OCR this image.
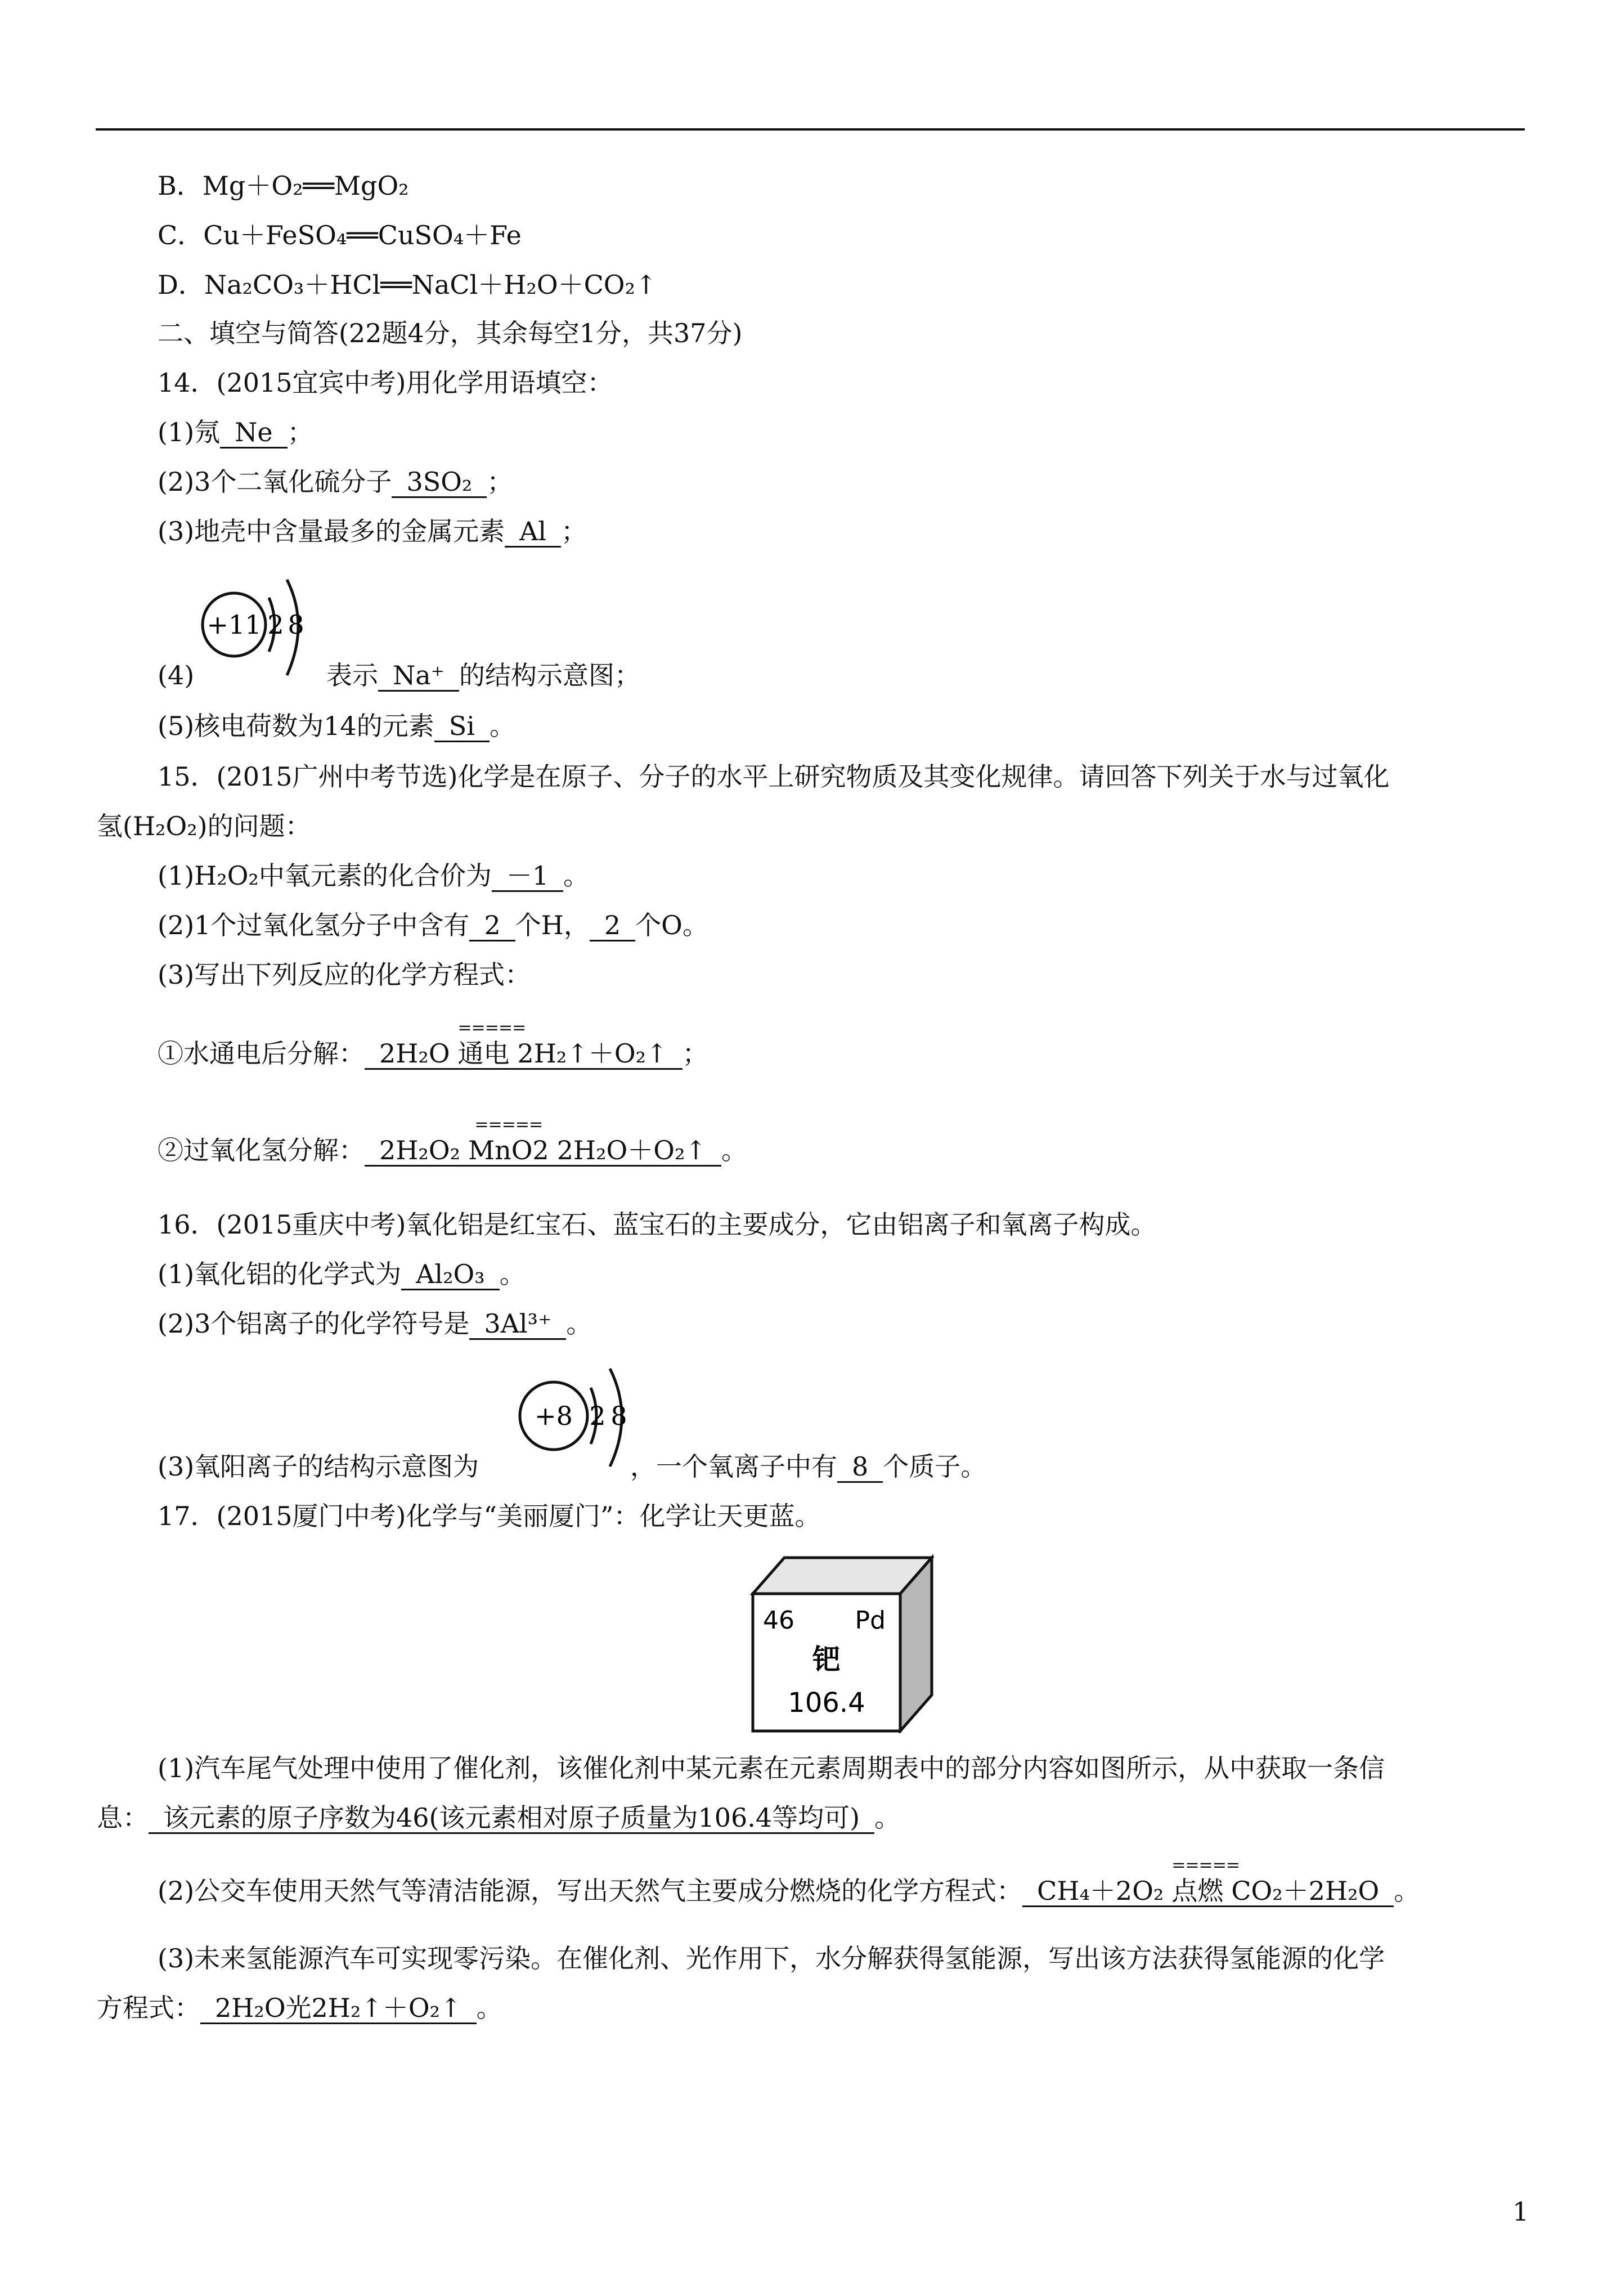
B．Mg＋O₂══MgO₂
C．Cu＋FeSO₄══CuSO₄＋Fe
D．Na₂CO₃＋HCl══NaCl＋H₂O＋CO₂↑
二、填空与简答(22题4分，其余每空1分，共37分)
14．(2015宜宾中考)用化学用语填空：
(1)氖 Ne ；
(2)3个二氧化硫分子 3SO₂ ；
(3)地壳中含量最多的金属元素 Al ；
+11 2 8
(4)	表示 Na⁺ 的结构示意图；
(5)核电荷数为14的元素 Si 。
15．(2015广州中考节选)化学是在原子、分子的水平上研究物质及其变化规律。请回答下列关于水与过氧化
氢(H₂O₂)的问题：
(1)H₂O₂中氧元素的化合价为 －1 。
(2)1个过氧化氢分子中含有 2 个H， 2 个O。
(3)写出下列反应的化学方程式：
①水通电后分解： 2H₂O
=====
通电 2H₂↑＋O₂↑ ；
②过氧化氢分解： 2H₂O₂
=====
MnO2 2H₂O＋O₂↑ 。
16．(2015重庆中考)氧化铝是红宝石、蓝宝石的主要成分，它由铝离子和氧离子构成。
(1)氧化铝的化学式为 Al₂O₃ 。
(2)3个铝离子的化学符号是 3Al³⁺ 。
+8 2 8
(3)氧阳离子的结构示意图为	，一个氧离子中有 8 个质子。
17．(2015厦门中考)化学与“美丽厦门”：化学让天更蓝。
46 Pd
钯
106.4
(1)汽车尾气处理中使用了催化剂，该催化剂中某元素在元素周期表中的部分内容如图所示，从中获取一条信
息： 该元素的原子序数为46(该元素相对原子质量为106.4等均可) 。
(2)公交车使用天然气等清洁能源，写出天然气主要成分燃烧的化学方程式： CH₄＋2O₂
=====
点燃 CO₂＋2H₂O 。
(3)未来氢能源汽车可实现零污染。在催化剂、光作用下，水分解获得氢能源，写出该方法获得氢能源的化学
方程式： 2H₂O光2H₂↑＋O₂↑ 。
1
